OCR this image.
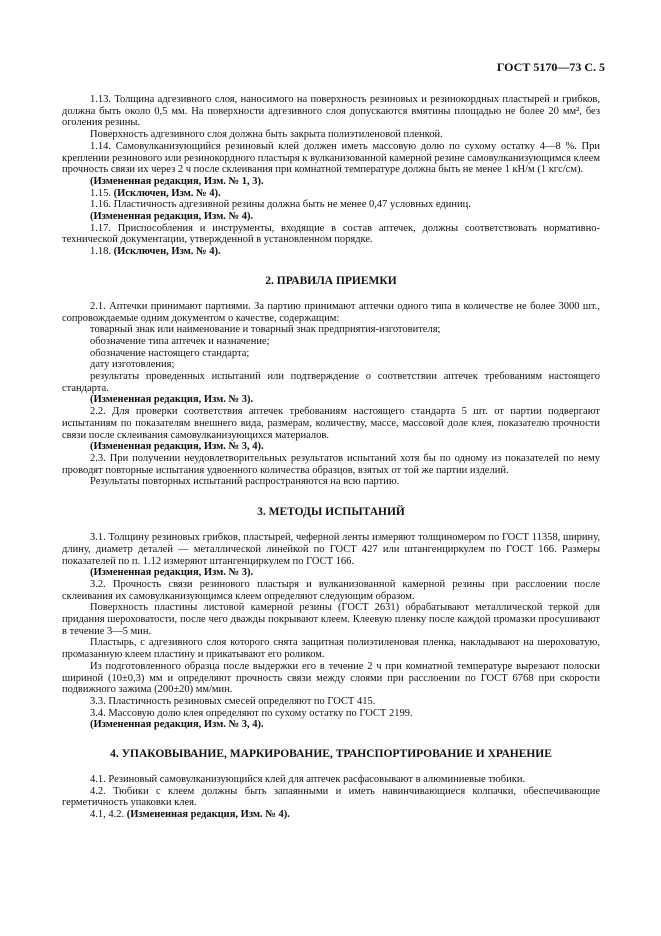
ГОСТ 5170—73 С. 5

1.13. Толщина адгезивного слоя, наносимого на поверхность резиновых и резинокордных пластырей и грибков, должна быть около 0,5 мм. На поверхности адгезивного слоя допускаются вмятины площадью не более 20 мм², без оголения резины.

Поверхность адгезивного слоя должна быть закрыта полиэтиленовой пленкой.

1.14. Самовулканизующийся резиновый клей должен иметь массовую долю по сухому остатку 4—8 %. При креплении резинового или резинокордного пластыря к вулканизованной камерной резине самовулканизующимся клеем прочность связи их через 2 ч после склеивания при комнатной температуре должна быть не менее 1 кН/м (1 кгс/см).

(Измененная редакция, Изм. № 1, 3).

1.15. (Исключен, Изм. № 4).

1.16. Пластичность адгезивной резины должна быть не менее 0,47 условных единиц.

(Измененная редакция, Изм. № 4).

1.17. Приспособления и инструменты, входящие в состав аптечек, должны соответствовать нормативно-технической документации, утвержденной в установленном порядке.

1.18. (Исключен, Изм. № 4).

2. ПРАВИЛА ПРИЕМКИ

2.1. Аптечки принимают партиями. За партию принимают аптечки одного типа в количестве не более 3000 шт., сопровождаемые одним документом о качестве, содержащим:

товарный знак или наименование и товарный знак предприятия-изготовителя;

обозначение типа аптечек и назначение;

обозначение настоящего стандарта;

дату изготовления;

результаты проведенных испытаний или подтверждение о соответствии аптечек требованиям настоящего стандарта.

(Измененная редакция, Изм. № 3).

2.2. Для проверки соответствия аптечек требованиям настоящего стандарта 5 шт. от партии подвергают испытаниям по показателям внешнего вида, размерам, количеству, массе, массовой доле клея, показателю прочности связи после склеивания самовулканизующихся материалов.

(Измененная редакция, Изм. № 3, 4).

2.3. При получении неудовлетворительных результатов испытаний хотя бы по одному из показателей по нему проводят повторные испытания удвоенного количества образцов, взятых от той же партии изделий.

Результаты повторных испытаний распространяются на всю партию.

3. МЕТОДЫ ИСПЫТАНИЙ

3.1. Толщину резиновых грибков, пластырей, чеферной ленты измеряют толщиномером по ГОСТ 11358, ширину, длину, диаметр деталей — металлической линейкой по ГОСТ 427 или штангенциркулем по ГОСТ 166. Размеры показателей по п. 1.12 измеряют штангенциркулем по ГОСТ 166.

(Измененная редакция, Изм. № 3).

3.2. Прочность связи резинового пластыря и вулканизованной камерной резины при расслоении после склеивания их самовулканизующимся клеем определяют следующим образом.

Поверхность пластины листовой камерной резины (ГОСТ 2631) обрабатывают металлической теркой для придания шероховатости, после чего дважды покрывают клеем. Клеевую пленку после каждой промазки просушивают в течение 3—5 мин.

Пластырь, с адгезивного слоя которого снята защитная полиэтиленовая пленка, накладывают на шероховатую, промазанную клеем пластину и прикатывают его роликом.

Из подготовленного образца после выдержки его в течение 2 ч при комнатной температуре вырезают полоски шириной (10±0,3) мм и определяют прочность связи между слоями при расслоении по ГОСТ 6768 при скорости подвижного зажима (200±20) мм/мин.

3.3. Пластичность резиновых смесей определяют по ГОСТ 415.

3.4. Массовую долю клея определяют по сухому остатку по ГОСТ 2199.

(Измененная редакция, Изм. № 3, 4).

4. УПАКОВЫВАНИЕ, МАРКИРОВАНИЕ, ТРАНСПОРТИРОВАНИЕ И ХРАНЕНИЕ

4.1. Резиновый самовулканизующийся клей для аптечек расфасовывают в алюминиевые тюбики.

4.2. Тюбики с клеем должны быть запаянными и иметь навинчивающиеся колпачки, обеспечивающие герметичность упаковки клея.

4.1, 4.2. (Измененная редакция, Изм. № 4).
